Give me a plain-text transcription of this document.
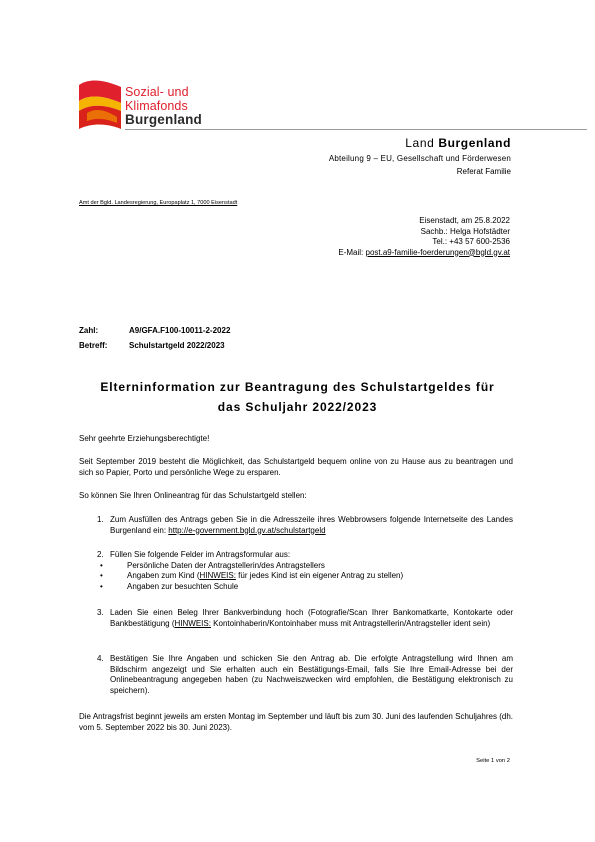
Sozial- und
Klimafonds
Burgenland
Land Burgenland
Abteilung 9 – EU, Gesellschaft und Förderwesen
Referat Familie
Amt der Bgld. Landesregierung, Europaplatz 1, 7000 Eisenstadt
Eisenstadt, am 25.8.2022
Sachb.: Helga Hofstädter
Tel.: +43 57 600-2536
E-Mail: post.a9-familie-foerderungen@bgld.gv.at
Zahl:	A9/GFA.F100-10011-2-2022
Betreff:	Schulstartgeld 2022/2023
Elterninformation zur Beantragung des Schulstartgeldes für
das Schuljahr 2022/2023
Sehr geehrte Erziehungsberechtigte!
Seit September 2019 besteht die Möglichkeit, das Schulstartgeld bequem online von zu Hause aus zu beantragen und sich so Papier, Porto und persönliche Wege zu ersparen.
So können Sie Ihren Onlineantrag für das Schulstartgeld stellen:
1. Zum Ausfüllen des Antrags geben Sie in die Adresszeile ihres Webbrowsers folgende Internetseite des Landes Burgenland ein: http://e-government.bgld.gv.at/schulstartgeld
2. Füllen Sie folgende Felder im Antragsformular aus:
• Persönliche Daten der Antragstellerin/des Antragstellers
• Angaben zum Kind (HINWEIS: für jedes Kind ist ein eigener Antrag zu stellen)
• Angaben zur besuchten Schule
3. Laden Sie einen Beleg Ihrer Bankverbindung hoch (Fotografie/Scan Ihrer Bankomatkarte, Kontokarte oder Bankbestätigung (HINWEIS: Kontoinhaberin/Kontoinhaber muss mit Antragstellerin/Antragsteller ident sein)
4. Bestätigen Sie Ihre Angaben und schicken Sie den Antrag ab. Die erfolgte Antragstellung wird Ihnen am Bildschirm angezeigt und Sie erhalten auch ein Bestätigungs-Email, falls Sie Ihre Email-Adresse bei der Onlinebeantragung angegeben haben (zu Nachweiszwecken wird empfohlen, die Bestätigung elektronisch zu speichern).
Die Antragsfrist beginnt jeweils am ersten Montag im September und läuft bis zum 30. Juni des laufenden Schuljahres (dh. vom 5. September 2022 bis 30. Juni 2023).
Seite 1 von 2
